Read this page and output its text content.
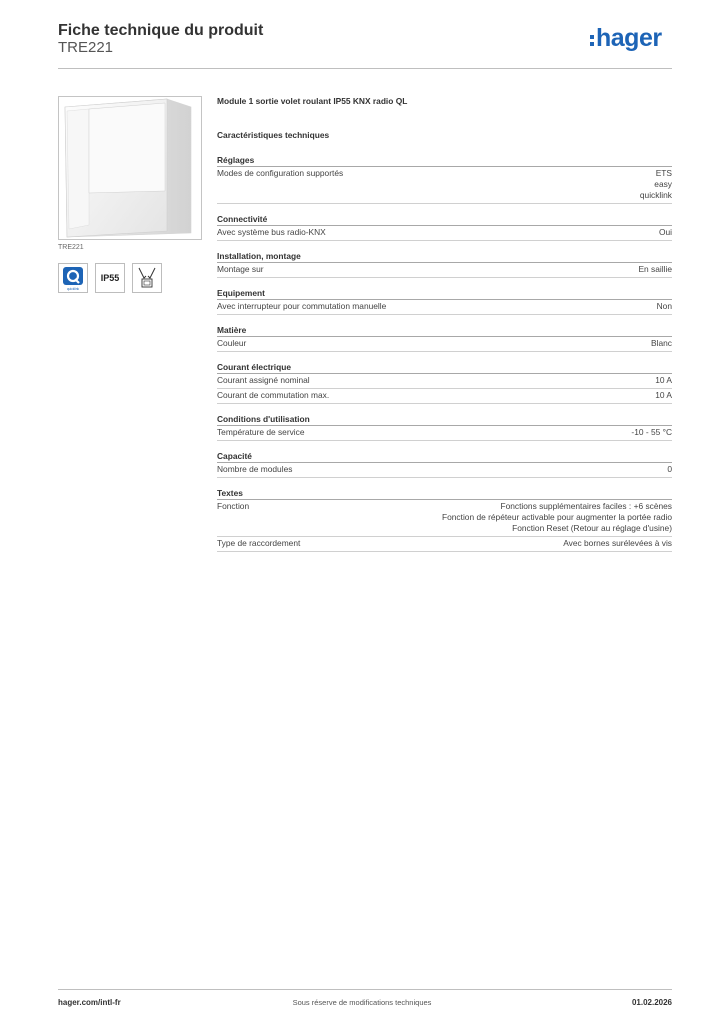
Fiche technique du produit
TRE221	hager
TRE221
quicklink
IP55
Module 1 sortie volet roulant IP55 KNX radio QL
Caractéristiques techniques
Réglages
Modes de configuration supportés	ETS
easy
quicklink
Connectivité
Avec système bus radio-KNX	Oui
Installation, montage
Montage sur	En saillie
Equipement
Avec interrupteur pour commutation manuelle	Non
Matière
Couleur	Blanc
Courant électrique
Courant assigné nominal	10 A
Courant de commutation max.	10 A
Conditions d'utilisation
Température de service	-10 - 55 °C
Capacité
Nombre de modules	0
Textes
Fonction	Fonctions supplémentaires faciles : +6 scènes
Fonction de répéteur activable pour augmenter la portée radio
Fonction Reset (Retour au réglage d'usine)
Type de raccordement	Avec bornes surélevées à vis
hager.com/intl-fr	Sous réserve de modifications techniques	01.02.2026
